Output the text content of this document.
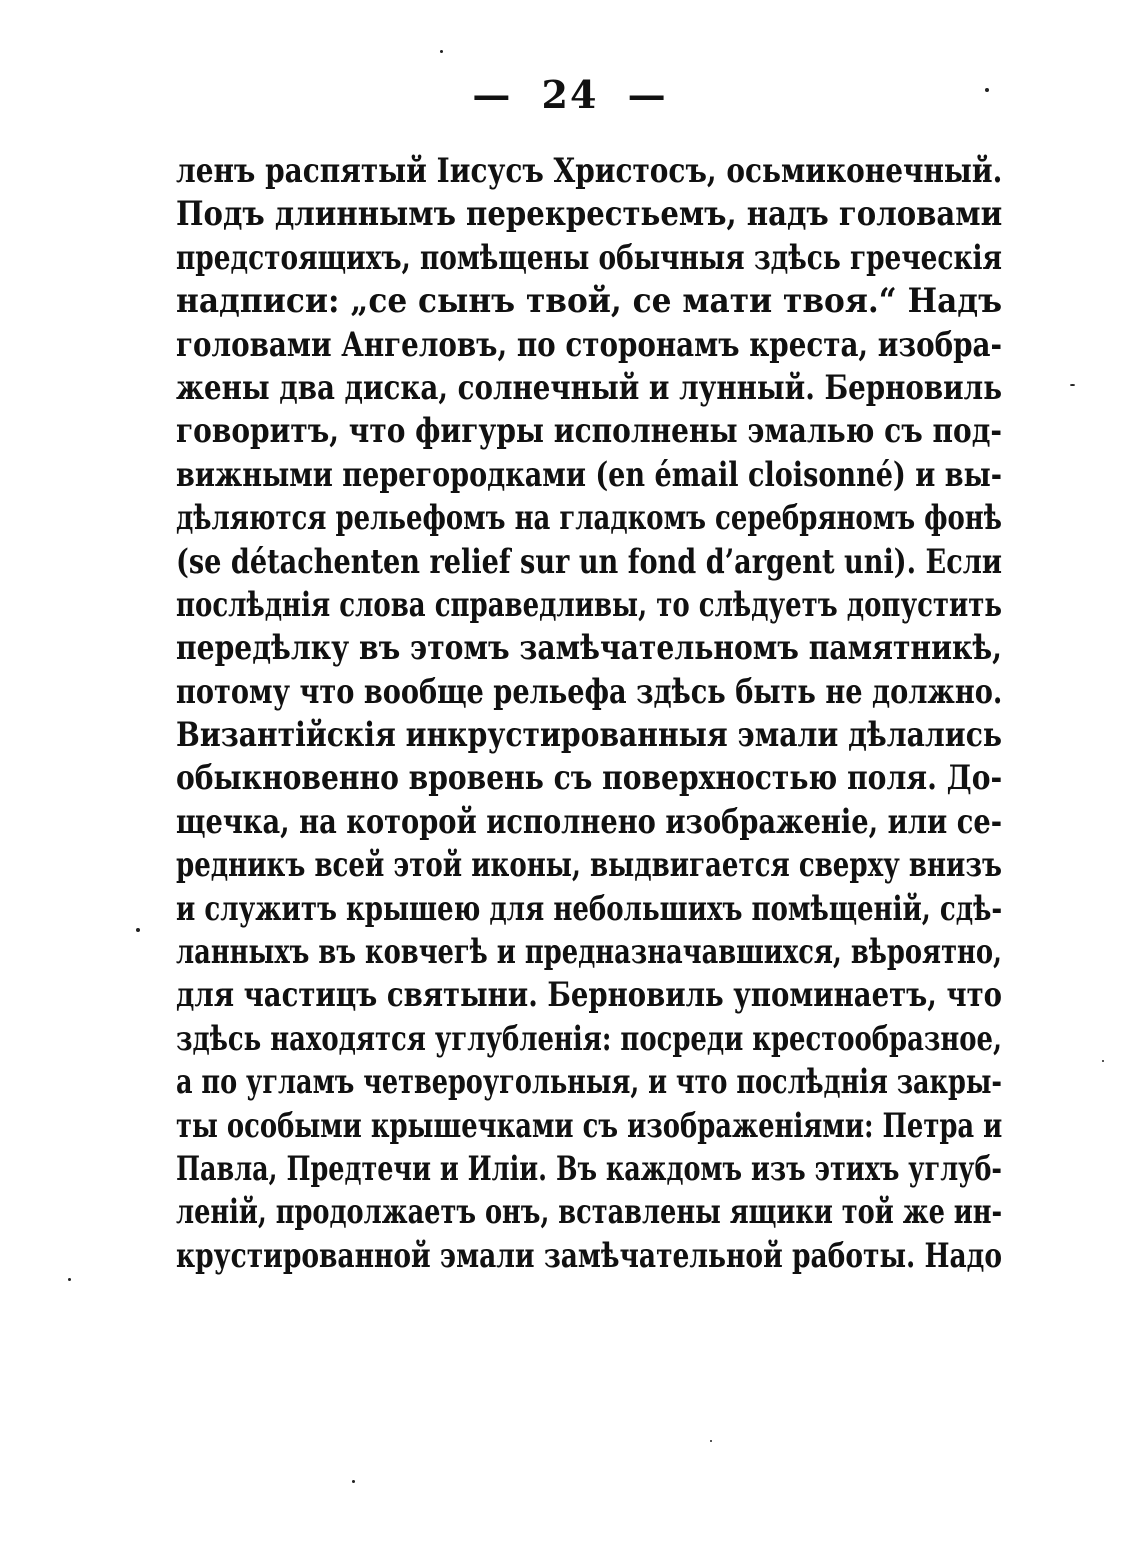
— 24 —
ленъ распятый Іисусъ Христосъ, осьмиконечный.
Подъ длиннымъ перекрестьемъ, надъ головами
предстоящихъ, помѣщены обычныя здѣсь греческія
надписи: „се сынъ твой, се мати твоя.“ Надъ
головами Ангеловъ, по сторонамъ креста, изобра-
жены два диска, солнечный и лунный. Берновиль
говоритъ, что фигуры исполнены эмалью съ под-
вижными перегородками (en émail cloisonné) и вы-
дѣляются рельефомъ на гладкомъ серебряномъ фонѣ
(se détachenten relief sur un fond d’argent uni). Если
послѣднія слова справедливы, то слѣдуетъ допустить
передѣлку въ этомъ замѣчательномъ памятникѣ,
потому что вообще рельефа здѣсь быть не должно.
Византійскія инкрустированныя эмали дѣлались
обыкновенно вровень съ поверхностью поля. До-
щечка, на которой исполнено изображеніе, или се-
редникъ всей этой иконы, выдвигается сверху внизъ
и служитъ крышею для небольшихъ помѣщеній, сдѣ-
ланныхъ въ ковчегѣ и предназначавшихся, вѣроятно,
для частицъ святыни. Берновиль упоминаетъ, что
здѣсь находятся углубленія: посреди крестообразное,
а по угламъ четвероугольныя, и что послѣднія закры-
ты особыми крышечками съ изображеніями: Петра и
Павла, Предтечи и Иліи. Въ каждомъ изъ этихъ углуб-
леній, продолжаетъ онъ, вставлены ящики той же ин-
крустированной эмали замѣчательной работы. Надо
